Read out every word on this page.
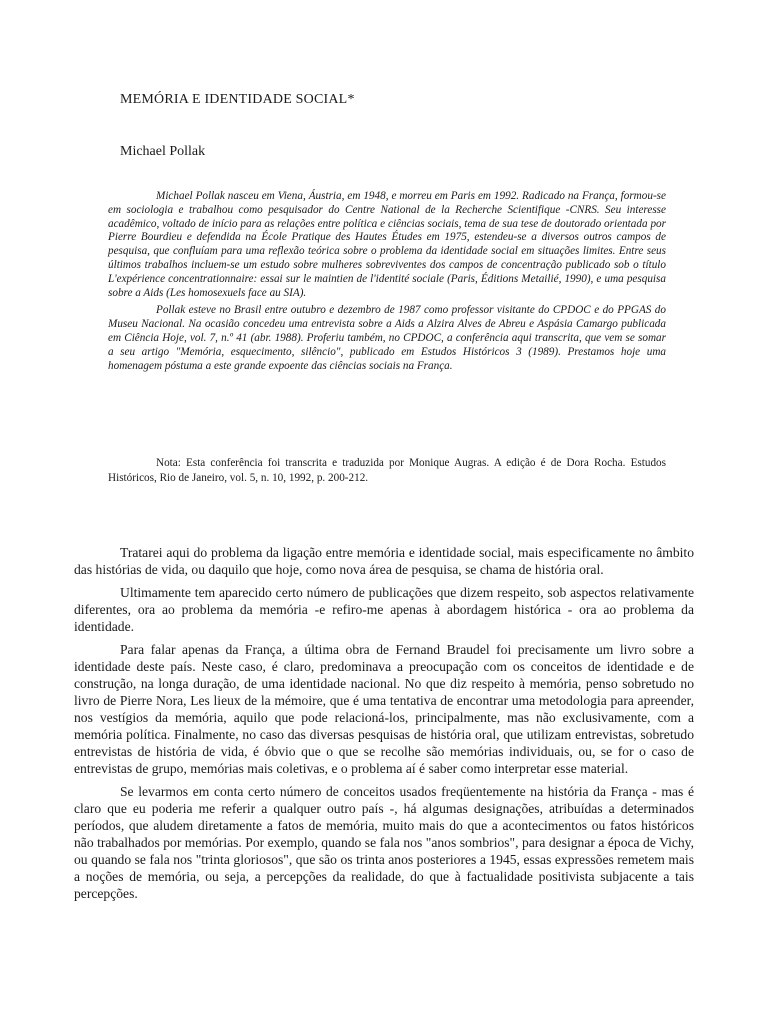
MEMÓRIA E IDENTIDADE SOCIAL*
Michael Pollak

Michael Pollak nasceu em Viena, Áustria, em 1948, e morreu em Paris em 1992. Radicado na França, formou-se em sociologia e trabalhou como pesquisador do Centre National de la Recherche Scientifique -CNRS. Seu interesse acadêmico, voltado de início para as relações entre política e ciências sociais, tema de sua tese de doutorado orientada por Pierre Bourdieu e defendida na École Pratique des Hautes Études em 1975, estendeu-se a diversos outros campos de pesquisa, que confluíam para uma reflexão teórica sobre o problema da identidade social em situações limites. Entre seus últimos trabalhos incluem-se um estudo sobre mulheres sobreviventes dos campos de concentração publicado sob o título L'expérience concentrationnaire: essai sur le maintien de l'identité sociale (Paris, Éditions Metailié, 1990), e uma pesquisa sobre a Aids (Les homosexuels face au SIA).

Pollak esteve no Brasil entre outubro e dezembro de 1987 como professor visitante do CPDOC e do PPGAS do Museu Nacional. Na ocasião concedeu uma entrevista sobre a Aids a Alzira Alves de Abreu e Aspásia Camargo publicada em Ciência Hoje, vol. 7, n.º 41 (abr. 1988). Proferiu também, no CPDOC, a conferência aqui transcrita, que vem se somar a seu artigo "Memória, esquecimento, silêncio", publicado em Estudos Históricos 3 (1989). Prestamos hoje uma homenagem póstuma a este grande expoente das ciências sociais na França.

Nota: Esta conferência foi transcrita e traduzida por Monique Augras. A edição é de Dora Rocha. Estudos Históricos, Rio de Janeiro, vol. 5, n. 10, 1992, p. 200-212.

Tratarei aqui do problema da ligação entre memória e identidade social, mais especificamente no âmbito das histórias de vida, ou daquilo que hoje, como nova área de pesquisa, se chama de história oral.

Ultimamente tem aparecido certo número de publicações que dizem respeito, sob aspectos relativamente diferentes, ora ao problema da memória -e refiro-me apenas à abordagem histórica - ora ao problema da identidade.

Para falar apenas da França, a última obra de Fernand Braudel foi precisamente um livro sobre a identidade deste país. Neste caso, é claro, predominava a preocupação com os conceitos de identidade e de construção, na longa duração, de uma identidade nacional. No que diz respeito à memória, penso sobretudo no livro de Pierre Nora, Les lieux de la mémoire, que é uma tentativa de encontrar uma metodologia para apreender, nos vestígios da memória, aquilo que pode relacioná-los, principalmente, mas não exclusivamente, com a memória política. Finalmente, no caso das diversas pesquisas de história oral, que utilizam entrevistas, sobretudo entrevistas de história de vida, é óbvio que o que se recolhe são memórias individuais, ou, se for o caso de entrevistas de grupo, memórias mais coletivas, e o problema aí é saber como interpretar esse material.

Se levarmos em conta certo número de conceitos usados freqüentemente na história da França - mas é claro que eu poderia me referir a qualquer outro país -, há algumas designações, atribuídas a determinados períodos, que aludem diretamente a fatos de memória, muito mais do que a acontecimentos ou fatos históricos não trabalhados por memórias. Por exemplo, quando se fala nos "anos sombrios", para designar a época de Vichy, ou quando se fala nos "trinta gloriosos", que são os trinta anos posteriores a 1945, essas expressões remetem mais a noções de memória, ou seja, a percepções da realidade, do que à factualidade positivista subjacente a tais percepções.
